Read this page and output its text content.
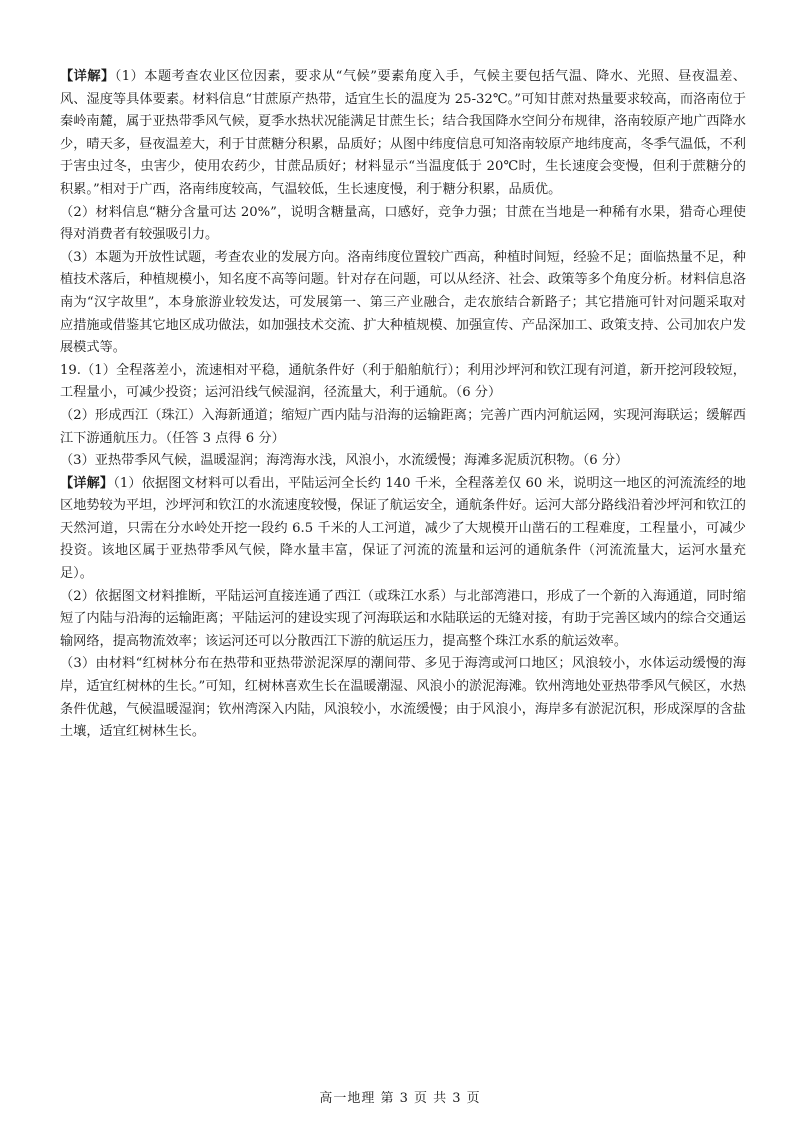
【详解】（1）本题考查农业区位因素，要求从“气候”要素角度入手，气候主要包括气温、降水、光照、昼夜温差、风、湿度等具体要素。材料信息“甘蔗原产热带，适宜生长的温度为 25-32℃。”可知甘蔗对热量要求较高，而洛南位于秦岭南麓，属于亚热带季风气候，夏季水热状况能满足甘蔗生长；结合我国降水空间分布规律，洛南较原产地广西降水少，晴天多，昼夜温差大，利于甘蔗糖分积累，品质好；从图中纬度信息可知洛南较原产地纬度高，冬季气温低，不利于害虫过冬，虫害少，使用农药少，甘蔗品质好；材料显示“当温度低于 20℃时，生长速度会变慢，但利于蔗糖分的积累。”相对于广西，洛南纬度较高，气温较低，生长速度慢，利于糖分积累，品质优。

（2）材料信息“糖分含量可达 20%”，说明含糖量高，口感好，竞争力强；甘蔗在当地是一种稀有水果，猎奇心理使得对消费者有较强吸引力。

（3）本题为开放性试题，考查农业的发展方向。洛南纬度位置较广西高，种植时间短，经验不足；面临热量不足，种植技术落后，种植规模小，知名度不高等问题。针对存在问题，可以从经济、社会、政策等多个角度分析。材料信息洛南为“汉字故里”，本身旅游业较发达，可发展第一、第三产业融合，走农旅结合新路子；其它措施可针对问题采取对应措施或借鉴其它地区成功做法，如加强技术交流、扩大种植规模、加强宣传、产品深加工、政策支持、公司加农户发展模式等。

19.（1）全程落差小，流速相对平稳，通航条件好（利于船舶航行）；利用沙坪河和钦江现有河道，新开挖河段较短，工程量小，可减少投资；运河沿线气候湿润，径流量大，利于通航。（6 分）

（2）形成西江（珠江）入海新通道；缩短广西内陆与沿海的运输距离；完善广西内河航运网，实现河海联运；缓解西江下游通航压力。（任答 3 点得 6 分）

（3）亚热带季风气候，温暖湿润；海湾海水浅，风浪小，水流缓慢；海滩多泥质沉积物。（6 分）

【详解】（1）依据图文材料可以看出，平陆运河全长约 140 千米，全程落差仅 60 米，说明这一地区的河流流经的地区地势较为平坦，沙坪河和钦江的水流速度较慢，保证了航运安全，通航条件好。运河大部分路线沿着沙坪河和钦江的天然河道，只需在分水岭处开挖一段约 6.5 千米的人工河道，减少了大规模开山凿石的工程难度，工程量小，可减少投资。该地区属于亚热带季风气候，降水量丰富，保证了河流的流量和运河的通航条件（河流流量大，运河水量充足）。

（2）依据图文材料推断，平陆运河直接连通了西江（或珠江水系）与北部湾港口，形成了一个新的入海通道，同时缩短了内陆与沿海的运输距离；平陆运河的建设实现了河海联运和水陆联运的无缝对接，有助于完善区域内的综合交通运输网络，提高物流效率；该运河还可以分散西江下游的航运压力，提高整个珠江水系的航运效率。

（3）由材料“红树林分布在热带和亚热带淤泥深厚的潮间带、多见于海湾或河口地区；风浪较小，水体运动缓慢的海岸，适宜红树林的生长。”可知，红树林喜欢生长在温暖潮湿、风浪小的淤泥海滩。钦州湾地处亚热带季风气候区，水热条件优越，气候温暖湿润；钦州湾深入内陆，风浪较小，水流缓慢；由于风浪小，海岸多有淤泥沉积，形成深厚的含盐土壤，适宜红树林生长。

高一地理 第 3 页 共 3 页
